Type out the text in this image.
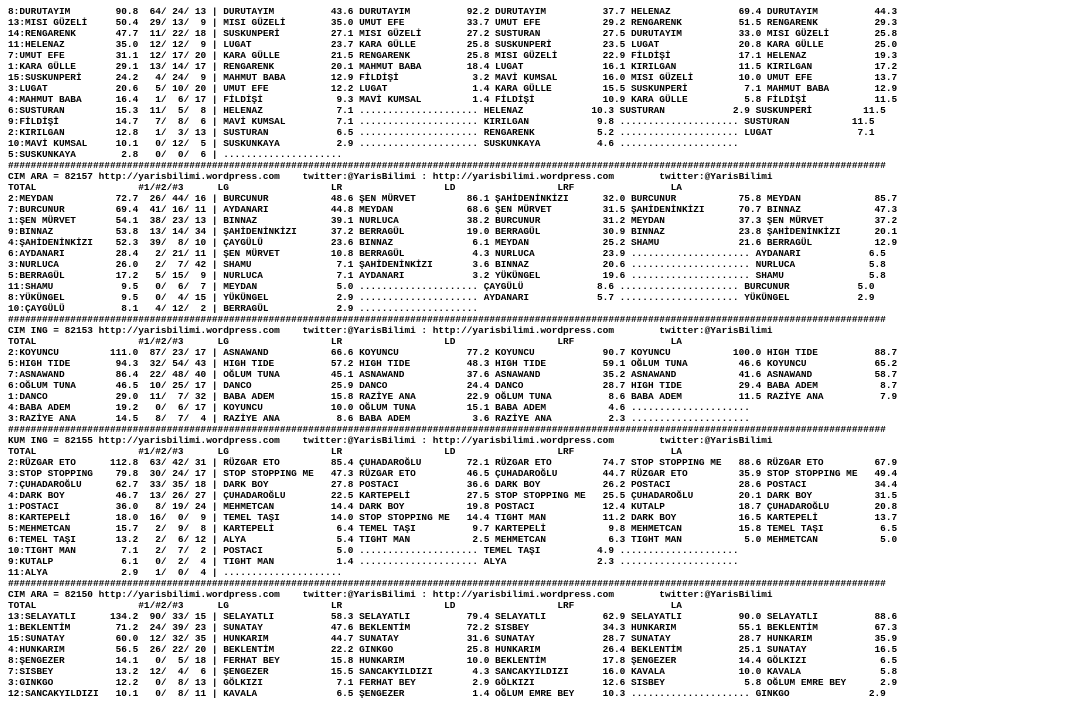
8:DURUTAYIM        90.8  64/ 24/ 13 | DURUTAYIM          43.6 DURUTAYIM          92.2 DURUTAYIM          37.7 HELENAZ            69.4 DURUTAYIM          44.3
13:MISI GÜZELİ     50.4  29/ 13/  9 | MISI GÜZELİ        35.0 UMUT EFE           33.7 UMUT EFE           29.2 RENGARENK          51.5 RENGARENK          29.3
14:RENGARENK       47.7  11/ 22/ 18 | SUSKUNPERİ         27.1 MISI GÜZELİ        27.2 SUSTURAN           27.5 DURUTAYIM          33.0 MISI GÜZELİ        25.8
11:HELENAZ         35.0  12/ 12/  9 | LUGAT              23.7 KARA GÜLLE         25.8 SUSKUNPERİ         23.5 LUGAT              20.8 KARA GÜLLE         25.0
7:UMUT EFE         31.1  12/ 17/ 20 | KARA GÜLLE         21.5 RENGARENK          25.8 MISI GÜZELİ        22.9 FİLDİŞİ            17.1 HELENAZ            19.3
1:KARA GÜLLE       29.1  13/ 14/ 17 | RENGARENK          20.1 MAHMUT BABA        18.4 LUGAT              16.1 KIRILGAN           11.5 KIRILGAN           17.2
15:SUSKUNPERİ      24.2   4/ 24/  9 | MAHMUT BABA        12.9 FİLDİŞİ             3.2 MAVİ KUMSAL        16.0 MISI GÜZELİ        10.0 UMUT EFE           13.7
3:LUGAT            20.6   5/ 10/ 20 | UMUT EFE           12.2 LUGAT               1.4 KARA GÜLLE         15.5 SUSKUNPERİ          7.1 MAHMUT BABA        12.9
4:MAHMUT BABA      16.4   1/  6/ 17 | FİLDİŞİ             9.3 MAVİ KUMSAL         1.4 FİLDİŞİ            10.9 KARA GÜLLE          5.8 FİLDİŞİ            11.5
6:SUSTURAN         15.3  11/  5/  8 | HELENAZ             7.1 ..................... HELENAZ            10.3 SUSTURAN            2.9 SUSKUNPERİ         11.5
9:FİLDİŞİ          14.7   7/  8/  6 | MAVİ KUMSAL         7.1 ..................... KIRILGAN            9.8 ..................... SUSTURAN           11.5
2:KIRILGAN         12.8   1/  3/ 13 | SUSTURAN            6.5 ..................... RENGARENK           5.2 ..................... LUGAT               7.1
10:MAVİ KUMSAL     10.1   0/ 12/  5 | SUSKUNKAYA          2.9 ..................... SUSKUNKAYA          4.6 .....................
5:SUSKUNKAYA        2.8   0/  0/  6 | .....................
###########################################################################################################################################################
CIM ARA = 82157 http://yarisbilimi.wordpress.com    twitter:@YarisBilimi : http://yarisbilimi.wordpress.com        twitter:@YarisBilimi
TOTAL                  #1/#2/#3      LG                  LR                  LD                  LRF                 LA
2:MEYDAN           72.7  26/ 44/ 16 | BURCUNUR           48.6 ŞEN MÜRVET         86.1 ŞAHİDENİNKİZI      32.0 BURCUNUR           75.8 MEYDAN             85.7
7:BURCUNUR         69.4  41/ 16/ 11 | AYDANARI           44.8 MEYDAN             68.6 ŞEN MÜRVET         31.5 ŞAHİDENİNKİZI      70.7 BINNAZ             47.3
1:ŞEN MÜRVET       54.1  38/ 23/ 13 | BINNAZ             39.1 NURLUCA            38.2 BURCUNUR           31.2 MEYDAN             37.3 ŞEN MÜRVET         37.2
9:BINNAZ           53.8  13/ 14/ 34 | ŞAHİDENİNKİZI      37.2 BERRAGÜL           19.0 BERRAGÜL           30.9 BINNAZ             23.8 ŞAHİDENİNKİZI      20.1
4:ŞAHİDENİNKİZI    52.3  39/  8/ 10 | ÇAYGÜLÜ            23.6 BINNAZ              6.1 MEYDAN             25.2 SHAMU              21.6 BERRAGÜL           12.9
6:AYDANARI         28.4   2/ 21/ 11 | ŞEN MÜRVET         10.8 BERRAGÜL            4.3 NURLUCA            23.9 ..................... AYDANARI            6.5
3:NURLUCA          26.0   2/  7/ 42 | SHAMU               7.1 ŞAHİDENİNKİZI       3.6 BINNAZ             20.6 ..................... NURLUCA             5.8
5:BERRAGÜL         17.2   5/ 15/  9 | NURLUCA             7.1 AYDANARI            3.2 YÜKÜNGEL           19.6 ..................... SHAMU               5.8
11:SHAMU            9.5   0/  6/  7 | MEYDAN              5.0 ..................... ÇAYGÜLÜ             8.6 ..................... BURCUNUR            5.0
8:YÜKÜNGEL          9.5   0/  4/ 15 | YÜKÜNGEL            2.9 ..................... AYDANARI            5.7 ..................... YÜKÜNGEL            2.9
10:ÇAYGÜLÜ          8.1   4/ 12/  2 | BERRAGÜL            2.9 .....................
###########################################################################################################################################################
CIM ING = 82153 http://yarisbilimi.wordpress.com    twitter:@YarisBilimi : http://yarisbilimi.wordpress.com        twitter:@YarisBilimi
TOTAL                  #1/#2/#3      LG                  LR                  LD                  LRF                 LA
2:KOYUNCU         111.0  87/ 23/ 17 | ASNAWAND           66.6 KOYUNCU            77.2 KOYUNCU            90.7 KOYUNCU           100.0 HIGH TIDE          88.7
5:HIGH TIDE        94.3  32/ 54/ 43 | HIGH TIDE          57.2 HIGH TIDE          48.3 HIGH TIDE          59.1 OĞLUM TUNA         46.6 KOYUNCU            65.2
7:ASNAWAND         86.4  22/ 48/ 40 | OĞLUM TUNA         45.1 ASNAWAND           37.6 ASNAWAND           35.2 ASNAWAND           41.6 ASNAWAND           58.7
6:OĞLUM TUNA       46.5  10/ 25/ 17 | DANCO              25.9 DANCO              24.4 DANCO              28.7 HIGH TIDE          29.4 BABA ADEM           8.7
1:DANCO            29.0  11/  7/ 32 | BABA ADEM          15.8 RAZİYE ANA         22.9 OĞLUM TUNA          8.6 BABA ADEM          11.5 RAZİYE ANA          7.9
4:BABA ADEM        19.2   0/  6/ 17 | KOYUNCU            10.0 OĞLUM TUNA         15.1 BABA ADEM           4.6 .....................
3:RAZİYE ANA       14.5   8/  7/  4 | RAZİYE ANA          8.6 BABA ADEM           3.6 RAZİYE ANA          2.3 .....................
###########################################################################################################################################################
KUM ING = 82155 http://yarisbilimi.wordpress.com    twitter:@YarisBilimi : http://yarisbilimi.wordpress.com        twitter:@YarisBilimi
TOTAL                  #1/#2/#3      LG                  LR                  LD                  LRF                 LA
2:RÜZGAR ETO      112.8  63/ 42/ 31 | RÜZGAR ETO         85.4 ÇUHADAROĞLU        72.1 RÜZGAR ETO         74.7 STOP STOPPING ME   88.6 RÜZGAR ETO         67.9
3:STOP STOPPING    79.8  30/ 24/ 17 | STOP STOPPING ME   47.3 RÜZGAR ETO         46.5 ÇUHADAROĞLU        44.7 RÜZGAR ETO         35.9 STOP STOPPING ME   49.4
7:ÇUHADAROĞLU      62.7  33/ 35/ 18 | DARK BOY           27.8 POSTACI            36.6 DARK BOY           26.2 POSTACI            28.6 POSTACI            34.4
4:DARK BOY         46.7  13/ 26/ 27 | ÇUHADAROĞLU        22.5 KARTEPELİ          27.5 STOP STOPPING ME   25.5 ÇUHADAROĞLU        20.1 DARK BOY           31.5
1:POSTACI          36.0   8/ 19/ 24 | MEHMETCAN          14.4 DARK BOY           19.8 POSTACI            12.4 KUTALP             18.7 ÇUHADAROĞLU        20.8
8:KARTEPELİ        18.0  16/  0/  9 | TEMEL TAŞI         14.0 STOP STOPPING ME   14.4 TIGHT MAN          11.2 DARK BOY           16.5 KARTEPELİ          13.7
5:MEHMETCAN        15.7   2/  9/  8 | KARTEPELİ           6.4 TEMEL TAŞI          9.7 KARTEPELİ           9.8 MEHMETCAN          15.8 TEMEL TAŞI          6.5
6:TEMEL TAŞI       13.2   2/  6/ 12 | ALYA                5.4 TIGHT MAN           2.5 MEHMETCAN           6.3 TIGHT MAN           5.0 MEHMETCAN           5.0
10:TIGHT MAN        7.1   2/  7/  2 | POSTACI             5.0 ..................... TEMEL TAŞI          4.9 .....................
9:KUTALP            6.1   0/  2/  4 | TIGHT MAN           1.4 ..................... ALYA                2.3 .....................
11:ALYA             2.9   1/  0/  4 | .....................
###########################################################################################################################################################
CIM ARA = 82150 http://yarisbilimi.wordpress.com    twitter:@YarisBilimi : http://yarisbilimi.wordpress.com        twitter:@YarisBilimi
TOTAL                  #1/#2/#3      LG                  LR                  LD                  LRF                 LA
13:SELAYATLI      134.2  90/ 33/ 15 | SELAYATLI          58.3 SELAYATLI          79.4 SELAYATLI          62.9 SELAYATLI          90.0 SELAYATLI          88.6
1:BEKLENTİM        71.2  24/ 39/ 23 | SUNATAY            47.6 BEKLENTİM          72.2 SISBEY             34.3 HUNKARIM           55.1 BEKLENTİM          67.3
15:SUNATAY         60.0  12/ 32/ 35 | HUNKARIM           44.7 SUNATAY            31.6 SUNATAY            28.7 SUNATAY            28.7 HUNKARIM           35.9
4:HUNKARIM         56.5  26/ 22/ 20 | BEKLENTİM          22.2 GINKGO             25.8 HUNKARIM           26.4 BEKLENTİM          25.1 SUNATAY            16.5
8:ŞENGEZER         14.1   0/  5/ 18 | FERHAT BEY         15.8 HUNKARIM           10.0 BEKLENTİM          17.8 ŞENGEZER           14.4 GÖLKIZI             6.5
7:SISBEY           13.2  12/  4/  6 | ŞENGEZER           15.5 SANCAKYILDIZI       4.3 SANCAKYILDIZI      16.0 KAVALA             10.0 KAVALA              5.8
3:GINKGO           12.2   0/  8/ 13 | GÖLKIZI             7.1 FERHAT BEY          2.9 GÖLKIZI            12.6 SISBEY              5.8 OĞLUM EMRE BEY      2.9
12:SANCAKYILDIZI   10.1   0/  8/ 11 | KAVALA              6.5 ŞENGEZER            1.4 OĞLUM EMRE BEY     10.3 ..................... GINKGO              2.9
